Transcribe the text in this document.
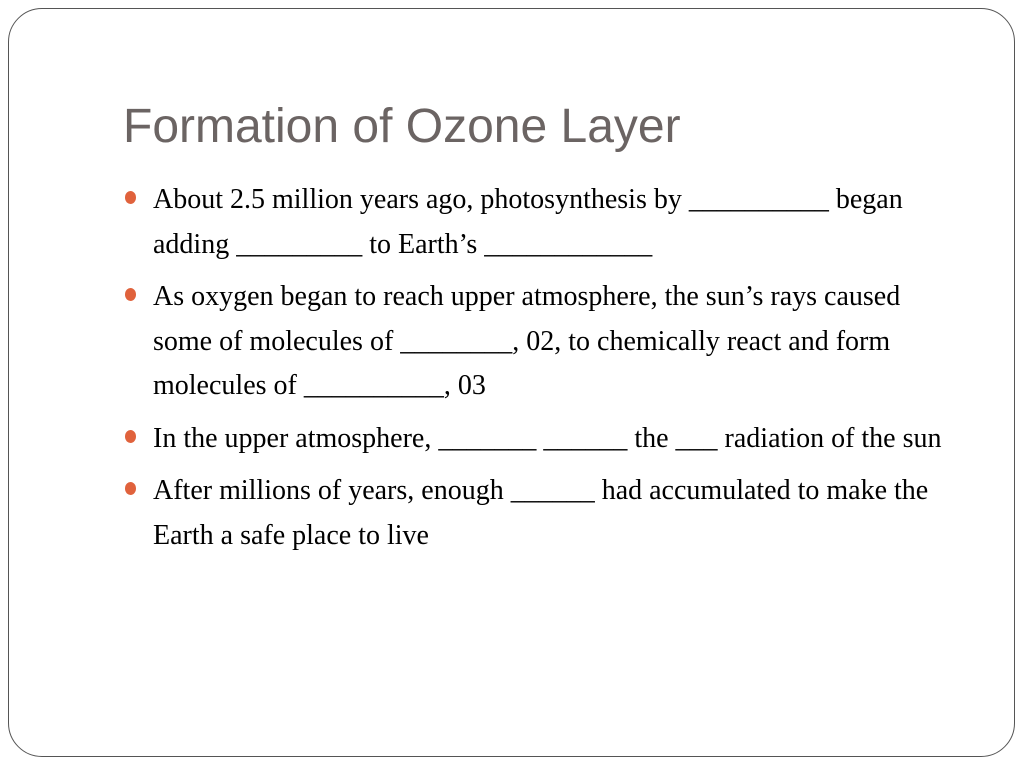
Formation of Ozone Layer
About 2.5 million years ago, photosynthesis by __________ began adding _________ to Earth’s ____________
As oxygen began to reach upper atmosphere, the sun’s rays caused some of molecules of ________, 02, to chemically react and form molecules of __________, 03
In the upper atmosphere, _______ ______ the ___ radiation of the sun
After millions of years, enough ______ had accumulated to make the Earth a safe place to live
